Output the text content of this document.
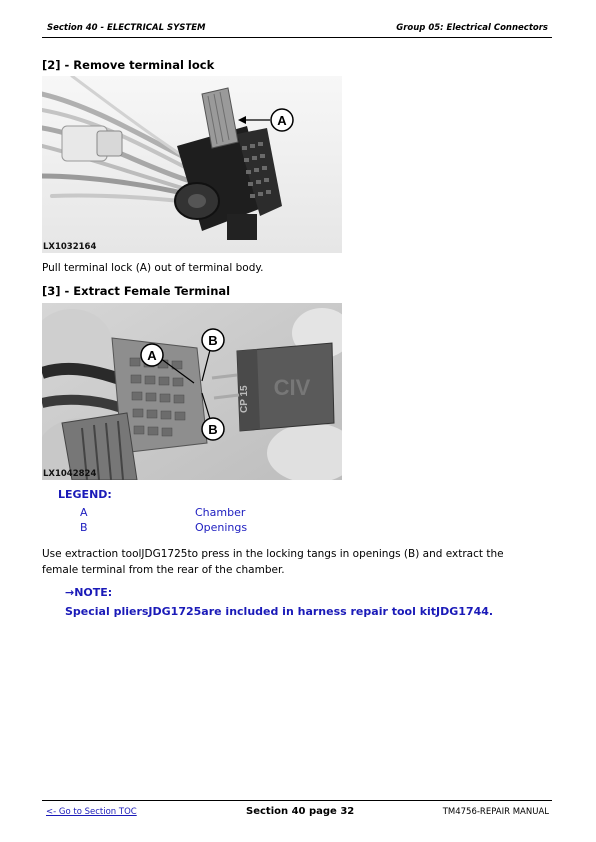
Section 40 - ELECTRICAL SYSTEM	Group 05: Electrical Connectors
[2] - Remove terminal lock
A
LX1032164
Pull terminal lock (A) out of terminal body.
[3] - Extract Female Terminal
CIV
CP 15
A
B
B
LX1042824
LEGEND:
A	Chamber
B	Openings
Use extraction toolJDG1725to press in the locking tangs in openings (B) and extract the
female terminal from the rear of the chamber.
→NOTE:
Special pliersJDG1725are included in harness repair tool kitJDG1744.
<- Go to Section TOC	Section 40 page 32	TM4756-REPAIR MANUAL
